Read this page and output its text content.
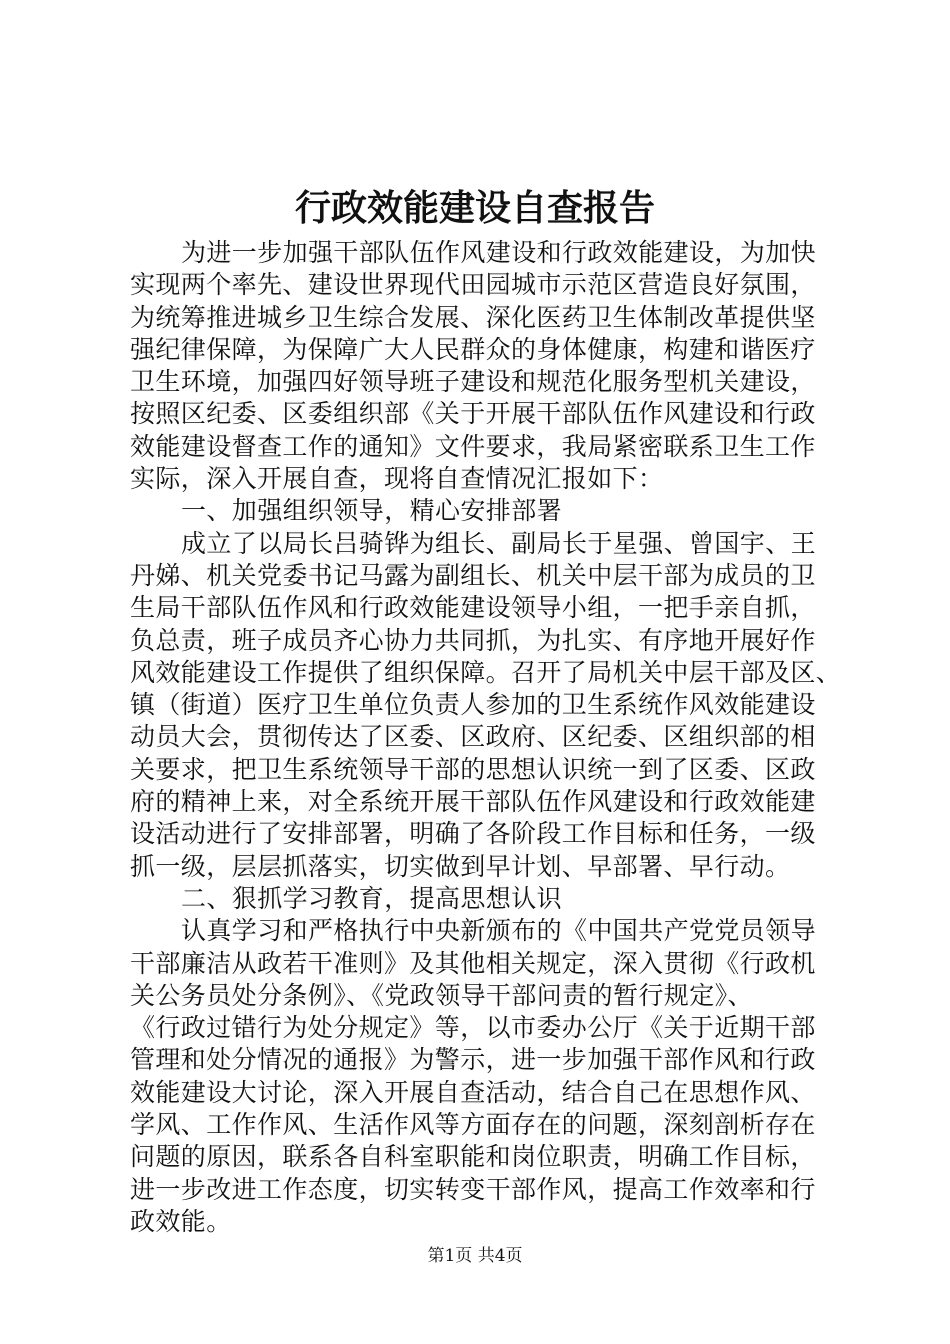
行政效能建设自查报告

为进一步加强干部队伍作风建设和行政效能建设，为加快

实现两个率先、建设世界现代田园城市示范区营造良好氛围，

为统筹推进城乡卫生综合发展、深化医药卫生体制改革提供坚

强纪律保障，为保障广大人民群众的身体健康，构建和谐医疗

卫生环境，加强四好领导班子建设和规范化服务型机关建设，

按照区纪委、区委组织部《关于开展干部队伍作风建设和行政

效能建设督查工作的通知》文件要求，我局紧密联系卫生工作

实际，深入开展自查，现将自查情况汇报如下：

一、加强组织领导，精心安排部署

成立了以局长吕骑铧为组长、副局长于星强、曾国宇、王

丹娣、机关党委书记马露为副组长、机关中层干部为成员的卫

生局干部队伍作风和行政效能建设领导小组，一把手亲自抓，

负总责，班子成员齐心协力共同抓，为扎实、有序地开展好作

风效能建设工作提供了组织保障。召开了局机关中层干部及区、

镇（街道）医疗卫生单位负责人参加的卫生系统作风效能建设

动员大会，贯彻传达了区委、区政府、区纪委、区组织部的相

关要求，把卫生系统领导干部的思想认识统一到了区委、区政

府的精神上来，对全系统开展干部队伍作风建设和行政效能建

设活动进行了安排部署，明确了各阶段工作目标和任务，一级

抓一级，层层抓落实，切实做到早计划、早部署、早行动。

二、狠抓学习教育，提高思想认识

认真学习和严格执行中央新颁布的《中国共产党党员领导

干部廉洁从政若干准则》及其他相关规定，深入贯彻《行政机

关公务员处分条例》、《党政领导干部问责的暂行规定》、

《行政过错行为处分规定》等，以市委办公厅《关于近期干部

管理和处分情况的通报》为警示，进一步加强干部作风和行政

效能建设大讨论，深入开展自查活动，结合自己在思想作风、

学风、工作作风、生活作风等方面存在的问题，深刻剖析存在

问题的原因，联系各自科室职能和岗位职责，明确工作目标，

进一步改进工作态度，切实转变干部作风，提高工作效率和行

政效能。

第1页 共4页
